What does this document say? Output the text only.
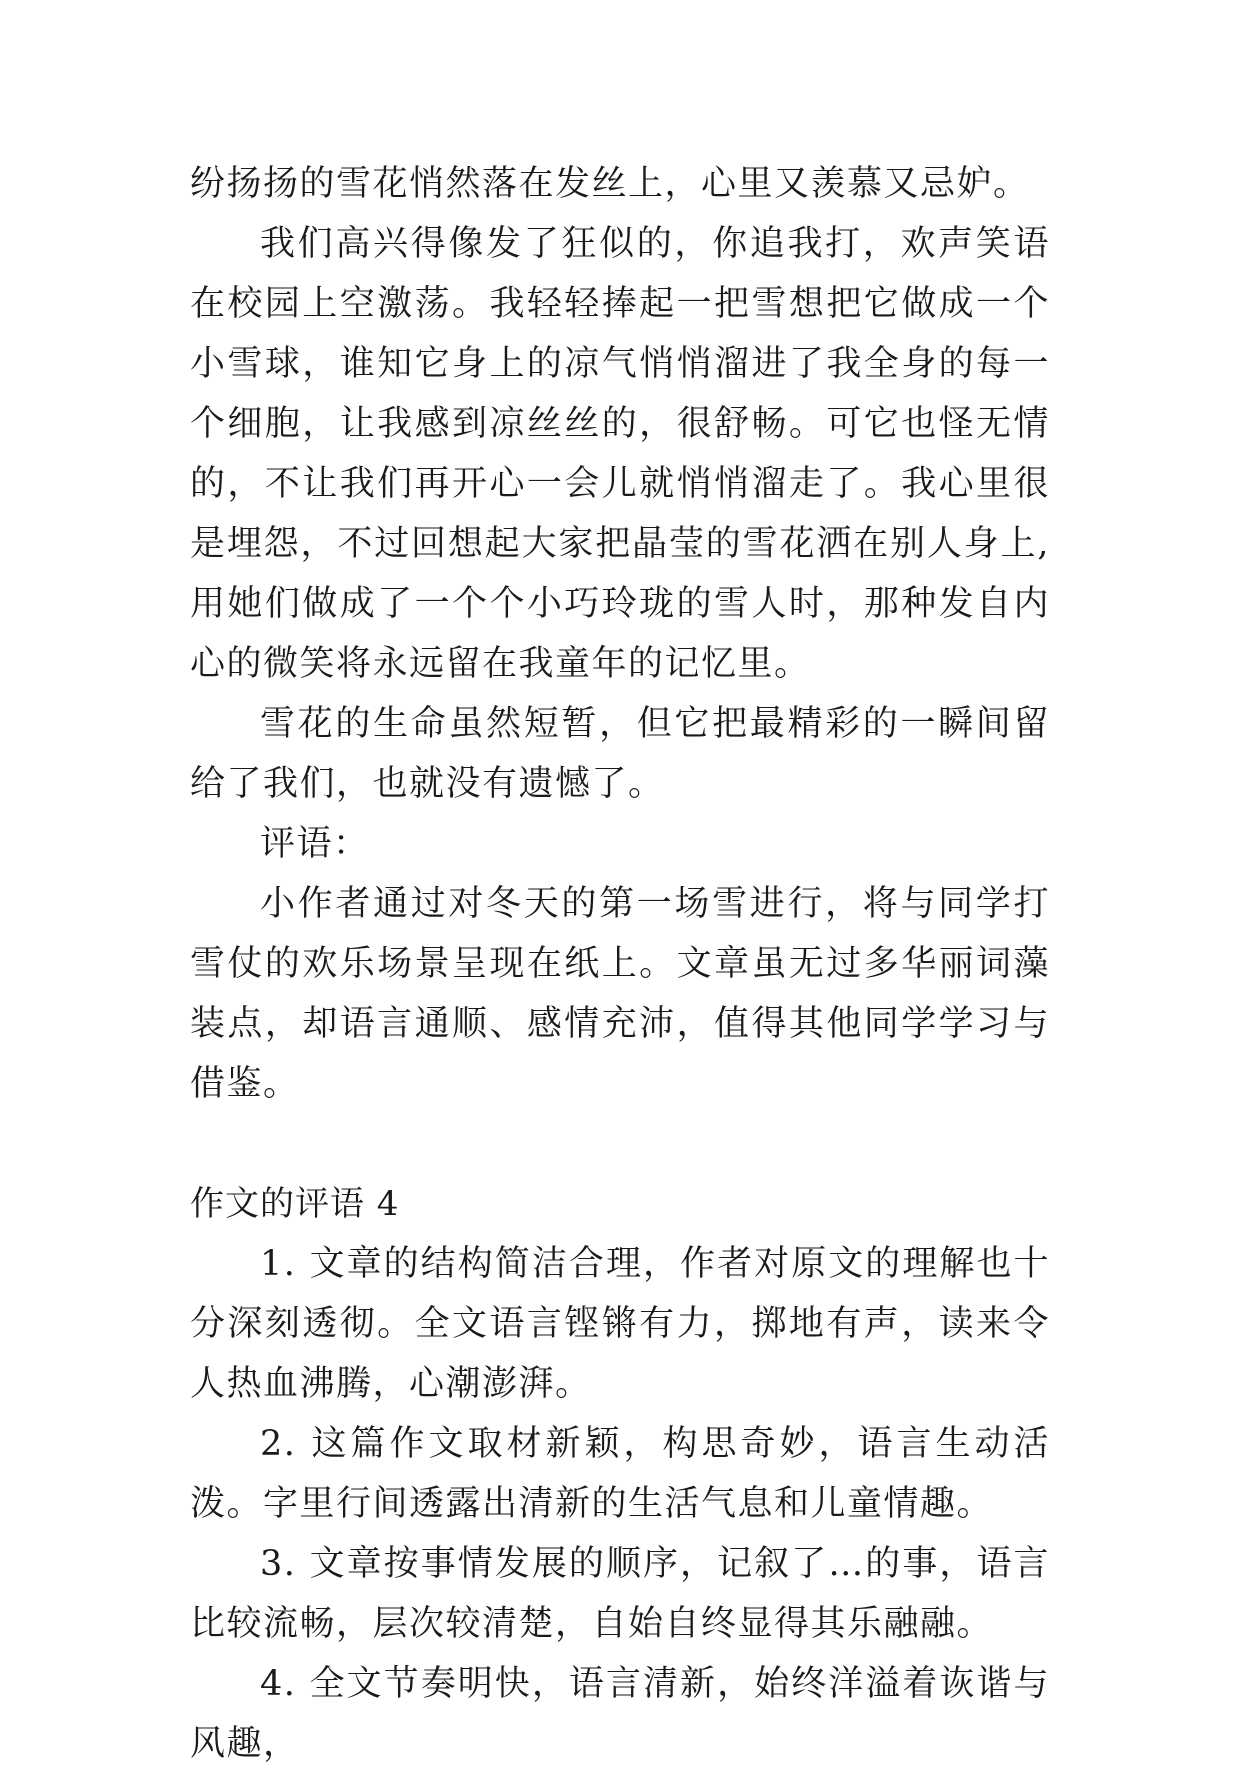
纷扬扬的雪花悄然落在发丝上，心里又羡慕又忌妒。

我们高兴得像发了狂似的，你追我打，欢声笑语在校园上空激荡。我轻轻捧起一把雪想把它做成一个小雪球，谁知它身上的凉气悄悄溜进了我全身的每一个细胞，让我感到凉丝丝的，很舒畅。可它也怪无情的，不让我们再开心一会儿就悄悄溜走了。我心里很是埋怨，不过回想起大家把晶莹的雪花洒在别人身上,用她们做成了一个个小巧玲珑的雪人时，那种发自内心的微笑将永远留在我童年的记忆里。

雪花的生命虽然短暂，但它把最精彩的一瞬间留给了我们，也就没有遗憾了。

评语：

小作者通过对冬天的第一场雪进行，将与同学打雪仗的欢乐场景呈现在纸上。文章虽无过多华丽词藻装点，却语言通顺、感情充沛，值得其他同学学习与借鉴。

作文的评语 4

1. 文章的结构简洁合理，作者对原文的理解也十分深刻透彻。全文语言铿锵有力，掷地有声，读来令人热血沸腾，心潮澎湃。

2. 这篇作文取材新颖，构思奇妙，语言生动活泼。字里行间透露出清新的生活气息和儿童情趣。

3. 文章按事情发展的顺序，记叙了…的事，语言比较流畅，层次较清楚，自始自终显得其乐融融。

4. 全文节奏明快，语言清新，始终洋溢着诙谐与风趣，
